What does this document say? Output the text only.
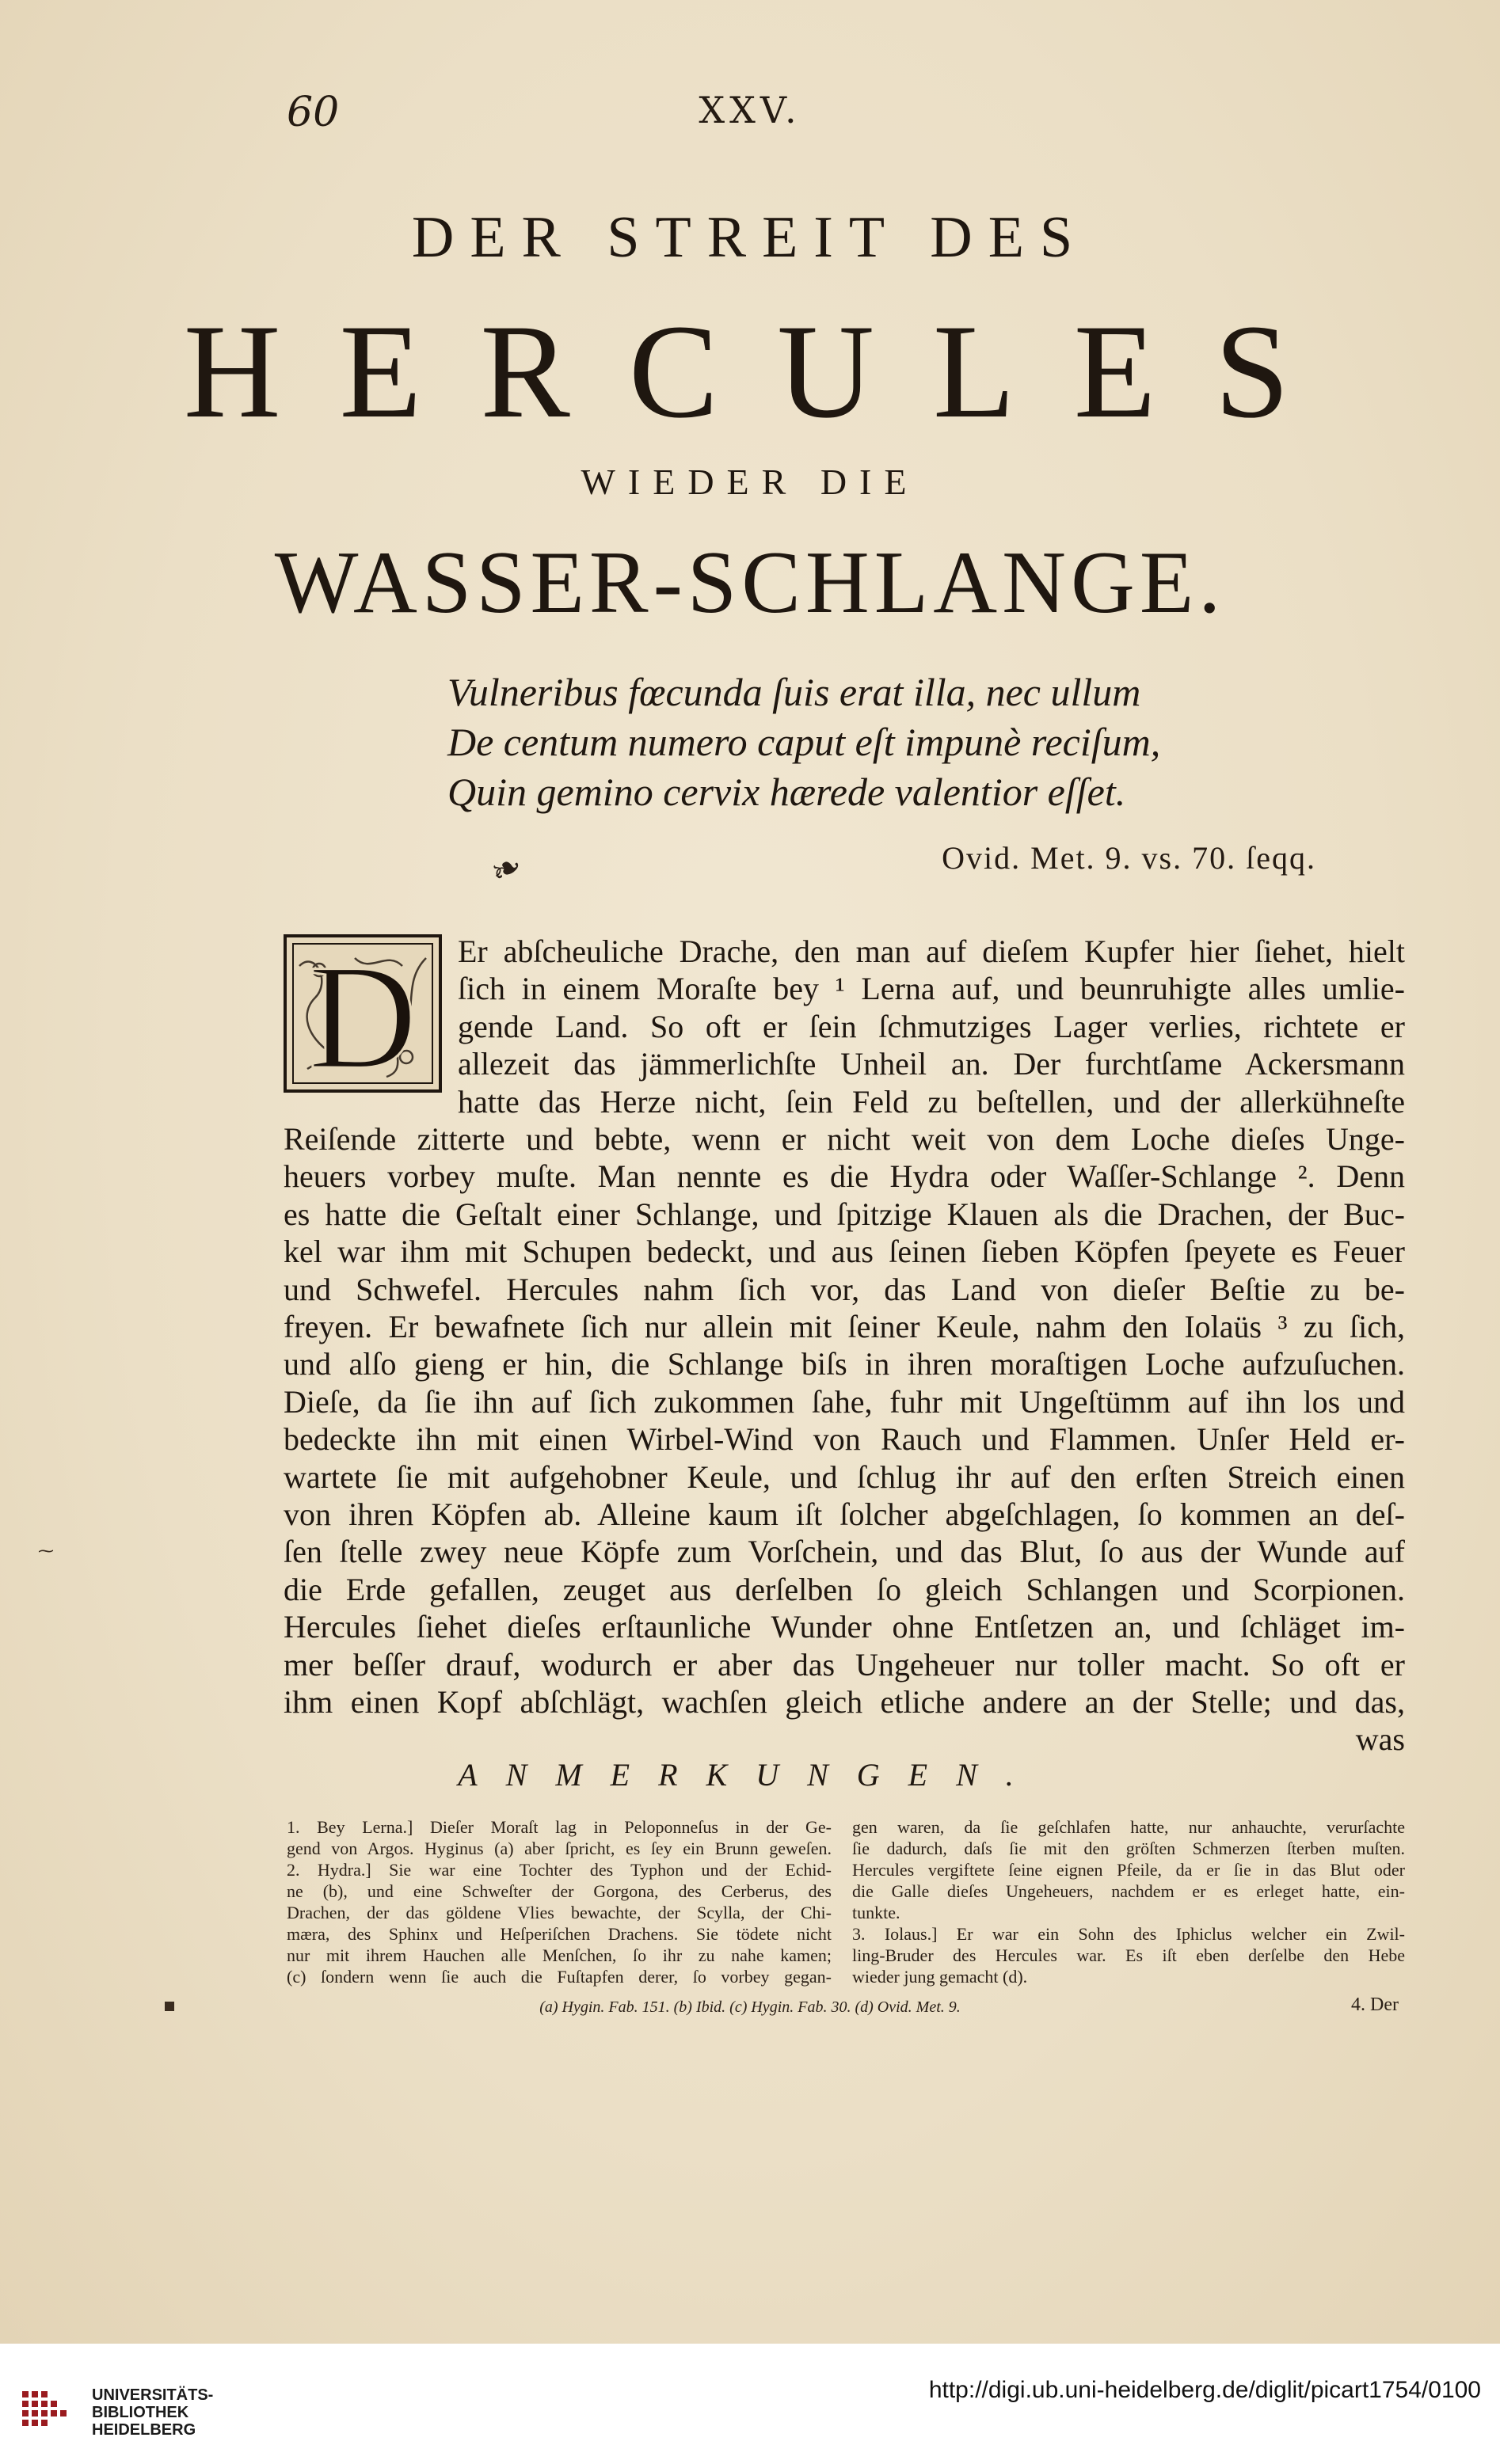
60	XXV.
DER STREIT DES
HERCULES
WIEDER DIE
WASSER-SCHLANGE.
Vulneribus fœcunda ſuis erat illa, nec ullum
De centum numero caput eſt impunè reciſum,
Quin gemino cervix hærede valentior eſſet.
❧	Ovid. Met. 9. vs. 70. ſeqq.
D Er abſcheuliche Drache, den man auf dieſem Kupfer hier ſiehet, hielt
ſich in einem Moraſte bey ¹ Lerna auf, und beunruhigte alles umlie-
gende Land. So oft er ſein ſchmutziges Lager verlies, richtete er
allezeit das jämmerlichſte Unheil an. Der furchtſame Ackersmann
hatte das Herze nicht, ſein Feld zu beſtellen, und der allerkühneſte
Reiſende zitterte und bebte, wenn er nicht weit von dem Loche dieſes Unge-
heuers vorbey muſte. Man nennte es die Hydra oder Waſſer-Schlange ². Denn
es hatte die Geſtalt einer Schlange, und ſpitzige Klauen als die Drachen, der Buc-
kel war ihm mit Schupen bedeckt, und aus ſeinen ſieben Köpfen ſpeyete es Feuer
und Schwefel. Hercules nahm ſich vor, das Land von dieſer Beſtie zu be-
freyen. Er bewafnete ſich nur allein mit ſeiner Keule, nahm den Iolaüs ³ zu ſich,
und alſo gieng er hin, die Schlange biſs in ihren moraſtigen Loche aufzuſuchen.
Dieſe, da ſie ihn auf ſich zukommen ſahe, fuhr mit Ungeſtümm auf ihn los und
bedeckte ihn mit einen Wirbel-Wind von Rauch und Flammen. Unſer Held er-
wartete ſie mit aufgehobner Keule, und ſchlug ihr auf den erſten Streich einen
von ihren Köpfen ab. Alleine kaum iſt ſolcher abgeſchlagen, ſo kommen an deſ-
ſen ſtelle zwey neue Köpfe zum Vorſchein, und das Blut, ſo aus der Wunde auf
die Erde gefallen, zeuget aus derſelben ſo gleich Schlangen und Scorpionen.
Hercules ſiehet dieſes erſtaunliche Wunder ohne Entſetzen an, und ſchläget im-
mer beſſer drauf, wodurch er aber das Ungeheuer nur toller macht. So oft er
ihm einen Kopf abſchlägt, wachſen gleich etliche andere an der Stelle; und das,
was
ANMERKUNGEN.
1. Bey Lerna.] Dieſer Moraſt lag in Peloponneſus in der Ge-
gend von Argos. Hyginus (a) aber ſpricht, es ſey ein Brunn geweſen.
2. Hydra.] Sie war eine Tochter des Typhon und der Echid-
ne (b), und eine Schweſter der Gorgona, des Cerberus, des
Drachen, der das göldene Vlies bewachte, der Scylla, der Chi-
mæra, des Sphinx und Heſperiſchen Drachens. Sie tödete nicht
nur mit ihrem Hauchen alle Menſchen, ſo ihr zu nahe kamen;
(c) ſondern wenn ſie auch die Fuſtapfen derer, ſo vorbey gegan-
gen waren, da ſie geſchlafen hatte, nur anhauchte, verurſachte
ſie dadurch, daſs ſie mit den gröſten Schmerzen ſterben muſten.
Hercules vergiftete ſeine eignen Pfeile, da er ſie in das Blut oder
die Galle dieſes Ungeheuers, nachdem er es erleget hatte, ein-
tunkte.
3. Iolaus.] Er war ein Sohn des Iphiclus welcher ein Zwil-
ling-Bruder des Hercules war. Es iſt eben derſelbe den Hebe
wieder jung gemacht (d).
(a) Hygin. Fab. 151. (b) Ibid. (c) Hygin. Fab. 30. (d) Ovid. Met. 9.	4. Der
⁓
UNIVERSITÄTS-
BIBLIOTHEK
HEIDELBERG
http://digi.ub.uni-heidelberg.de/diglit/picart1754/0100
